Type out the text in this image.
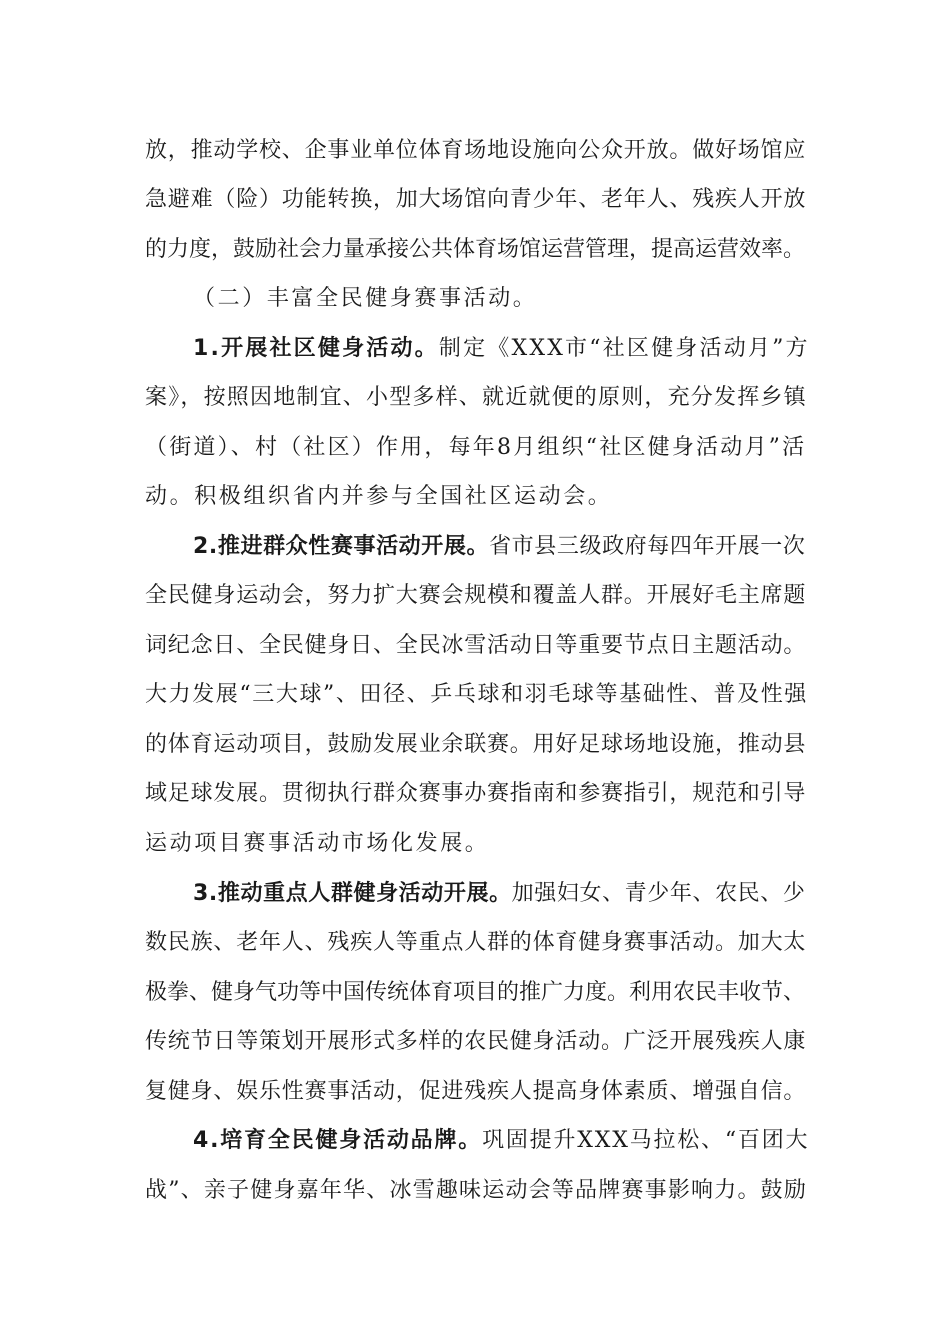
放，推动学校、企事业单位体育场地设施向公众开放。做好场馆应
急避难（险）功能转换，加大场馆向青少年、老年人、残疾人开放
的力度，鼓励社会力量承接公共体育场馆运营管理，提高运营效率。
（二）丰富全民健身赛事活动。
1.开展社区健身活动。制定《XXX市“社区健身活动月”方
案》，按照因地制宜、小型多样、就近就便的原则，充分发挥乡镇
（街道）、村（社区）作用，每年8月组织“社区健身活动月”活
动。积极组织省内并参与全国社区运动会。
2.推进群众性赛事活动开展。省市县三级政府每四年开展一次
全民健身运动会，努力扩大赛会规模和覆盖人群。开展好毛主席题
词纪念日、全民健身日、全民冰雪活动日等重要节点日主题活动。
大力发展“三大球”、田径、乒乓球和羽毛球等基础性、普及性强
的体育运动项目，鼓励发展业余联赛。用好足球场地设施，推动县
域足球发展。贯彻执行群众赛事办赛指南和参赛指引，规范和引导
运动项目赛事活动市场化发展。
3.推动重点人群健身活动开展。加强妇女、青少年、农民、少
数民族、老年人、残疾人等重点人群的体育健身赛事活动。加大太
极拳、健身气功等中国传统体育项目的推广力度。利用农民丰收节、
传统节日等策划开展形式多样的农民健身活动。广泛开展残疾人康
复健身、娱乐性赛事活动，促进残疾人提高身体素质、增强自信。
4.培育全民健身活动品牌。巩固提升XXX马拉松、“百团大
战”、亲子健身嘉年华、冰雪趣味运动会等品牌赛事影响力。鼓励
